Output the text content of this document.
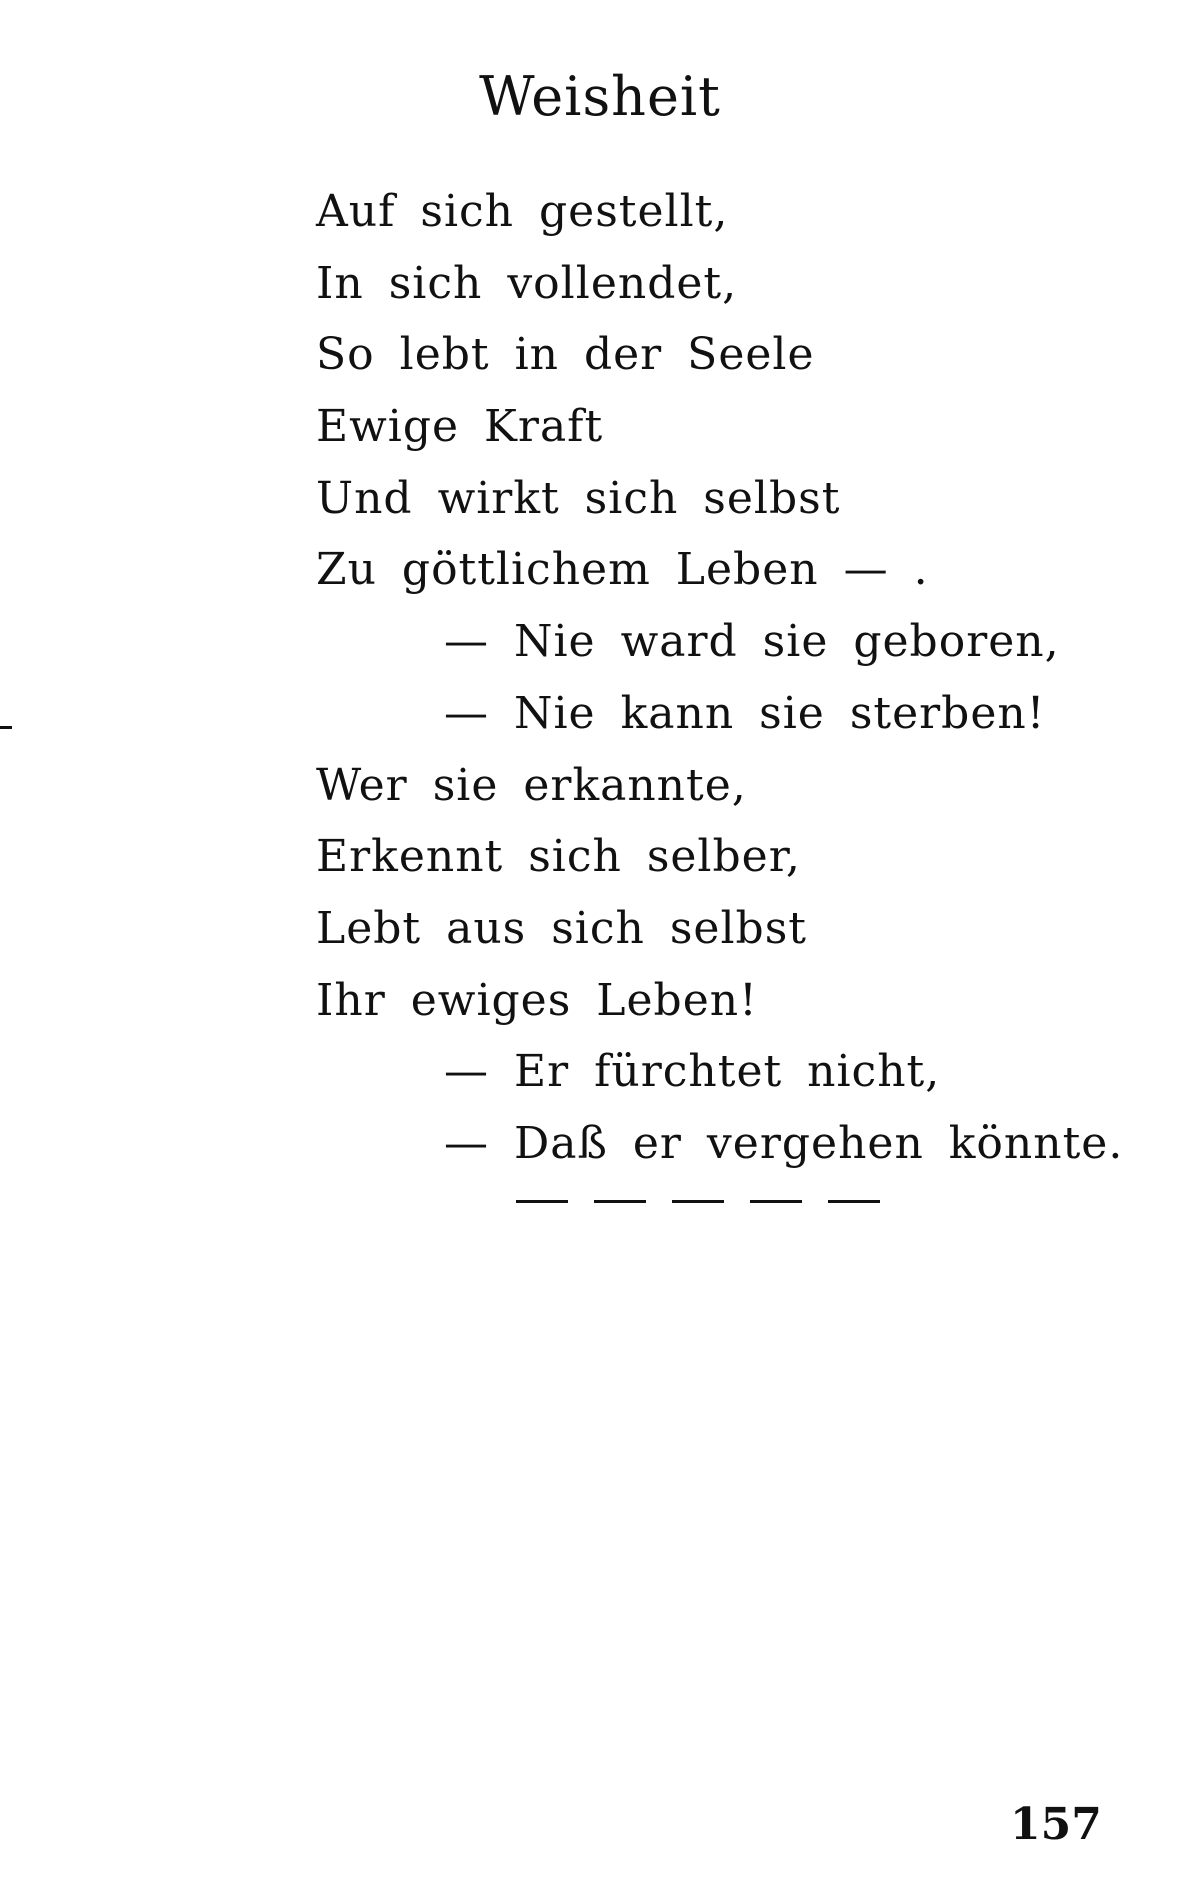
Weisheit
Auf sich gestellt,
In sich vollendet,
So lebt in der Seele
Ewige Kraft
Und wirkt sich selbst
Zu göttlichem Leben — .
— Nie ward sie geboren,
— Nie kann sie sterben!
Wer sie erkannte,
Erkennt sich selber,
Lebt aus sich selbst
Ihr ewiges Leben!
— Er fürchtet nicht,
— Daß er vergehen könnte.
157
